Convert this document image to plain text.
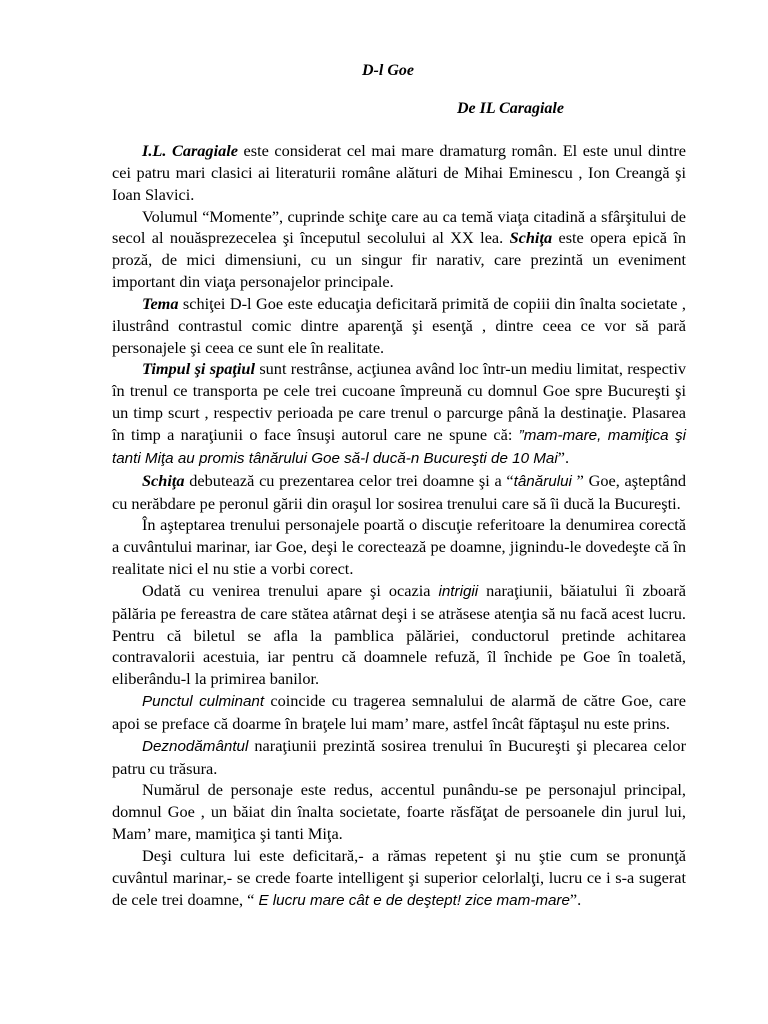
D-l Goe
De IL Caragiale

I.L. Caragiale este considerat cel mai mare dramaturg român. El este unul dintre cei patru mari clasici ai literaturii române alături de Mihai Eminescu , Ion Creangă şi Ioan Slavici.

Volumul “Momente”, cuprinde schiţe care au ca temă viaţa citadină a sfârşitului de secol al nouăsprezecelea şi începutul secolului al XX lea. Schiţa este opera epică în proză, de mici dimensiuni, cu un singur fir narativ, care prezintă un eveniment important din viaţa personajelor principale.

Tema schiţei D-l Goe este educaţia deficitară primită de copiii din înalta societate , ilustrând contrastul comic dintre aparenţă şi esenţă , dintre ceea ce vor să pară personajele şi ceea ce sunt ele în realitate.

Timpul şi spaţiul sunt restrânse, acţiunea având loc într-un mediu limitat, respectiv în trenul ce transporta pe cele trei cucoane împreună cu domnul Goe spre Bucureşti şi un timp scurt , respectiv perioada pe care trenul o parcurge până la destinaţie. Plasarea în timp a naraţiunii o face însuşi autorul care ne spune că: ”mam-mare, mamiţica şi tanti Miţa au promis tânărului Goe să-l ducă-n Bucureşti de 10 Mai”.

Schiţa debutează cu prezentarea celor trei doamne şi a “tânărului ” Goe, aşteptând cu nerăbdare pe peronul gării din oraşul lor sosirea trenului care să îi ducă la Bucureşti.

În aşteptarea trenului personajele poartă o discuţie referitoare la denumirea corectă a cuvântului marinar, iar Goe, deşi le corectează pe doamne, jignindu-le dovedeşte că în realitate nici el nu stie a vorbi corect.

Odată cu venirea trenului apare şi ocazia intrigii naraţiunii, băiatului îi zboară pălăria pe fereastra de care stătea atârnat deşi i se atrăsese atenţia să nu facă acest lucru. Pentru că biletul se afla la pamblica pălăriei, conductorul pretinde achitarea contravalorii acestuia, iar pentru că doamnele refuză, îl închide pe Goe în toaletă, eliberându-l la primirea banilor.

Punctul culminant coincide cu tragerea semnalului de alarmă de către Goe, care apoi se preface că doarme în braţele lui mam’ mare, astfel încât făptaşul nu este prins.

Deznodământul naraţiunii prezintă sosirea trenului în Bucureşti şi plecarea celor patru cu trăsura.

Numărul de personaje este redus, accentul punându-se pe personajul principal, domnul Goe , un băiat din înalta societate, foarte răsfăţat de persoanele din jurul lui, Mam’ mare, mamiţica şi tanti Miţa.

Deşi cultura lui este deficitară,- a rămas repetent şi nu ştie cum se pronunţă cuvântul marinar,- se crede foarte intelligent şi superior celorlalţi, lucru ce i s-a sugerat de cele trei doamne, “ E lucru mare cât e de deştept! zice mam-mare”.
